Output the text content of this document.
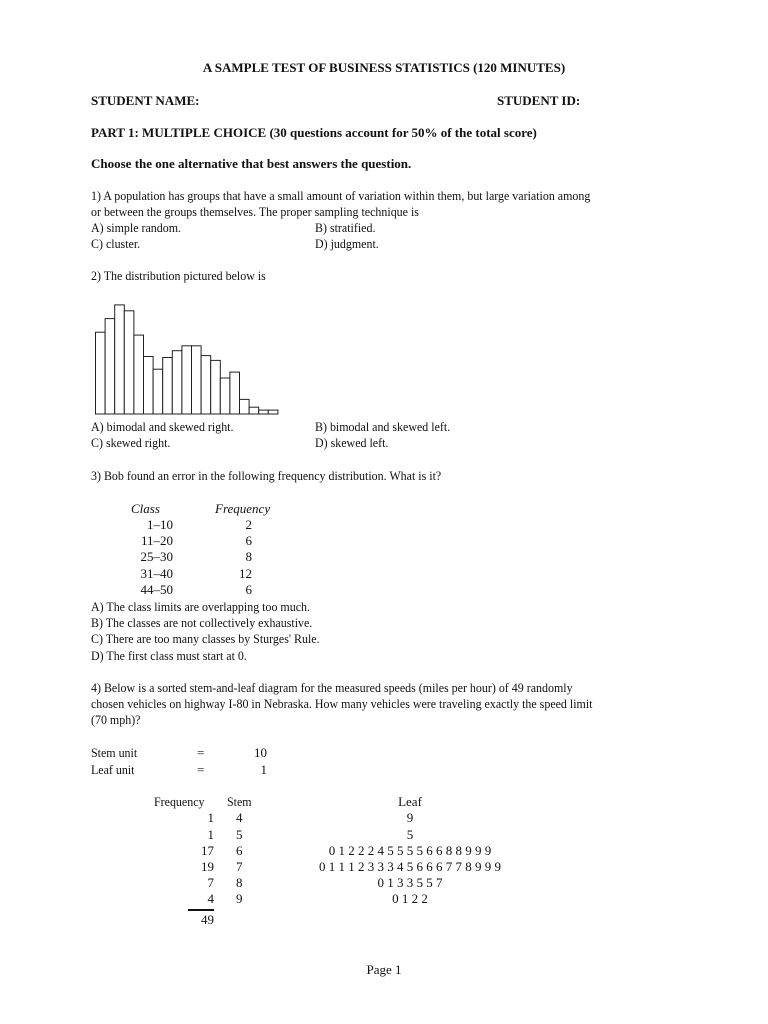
A SAMPLE TEST OF BUSINESS STATISTICS (120 MINUTES)
STUDENT NAME:	STUDENT ID:
PART 1: MULTIPLE CHOICE (30 questions account for 50% of the total score)
Choose the one alternative that best answers the question.
1) A population has groups that have a small amount of variation within them, but large variation among
or between the groups themselves. The proper sampling technique is
A) simple random.	B) stratified.
C) cluster.	D) judgment.
2) The distribution pictured below is
A) bimodal and skewed right.	B) bimodal and skewed left.
C) skewed right.	D) skewed left.
3) Bob found an error in the following frequency distribution. What is it?
Class	Frequency
1–10	2
11–20	6
25–30	8
31–40	12
44–50	6
A) The class limits are overlapping too much.
B) The classes are not collectively exhaustive.
C) There are too many classes by Sturges' Rule.
D) The first class must start at 0.
4) Below is a sorted stem-and-leaf diagram for the measured speeds (miles per hour) of 49 randomly
chosen vehicles on highway I-80 in Nebraska. How many vehicles were traveling exactly the speed limit
(70 mph)?
Stem unit	=	10
Leaf unit	=	1
Frequency Stem	Leaf
1 4	9
1 5	5
17 6	0 1 2 2 2 4 5 5 5 5 6 6 8 8 9 9 9
19 7	0 1 1 1 2 3 3 3 4 5 6 6 6 7 7 8 9 9 9
7 8	0 1 3 3 5 5 7
4 9	0 1 2 2
49
Page 1
